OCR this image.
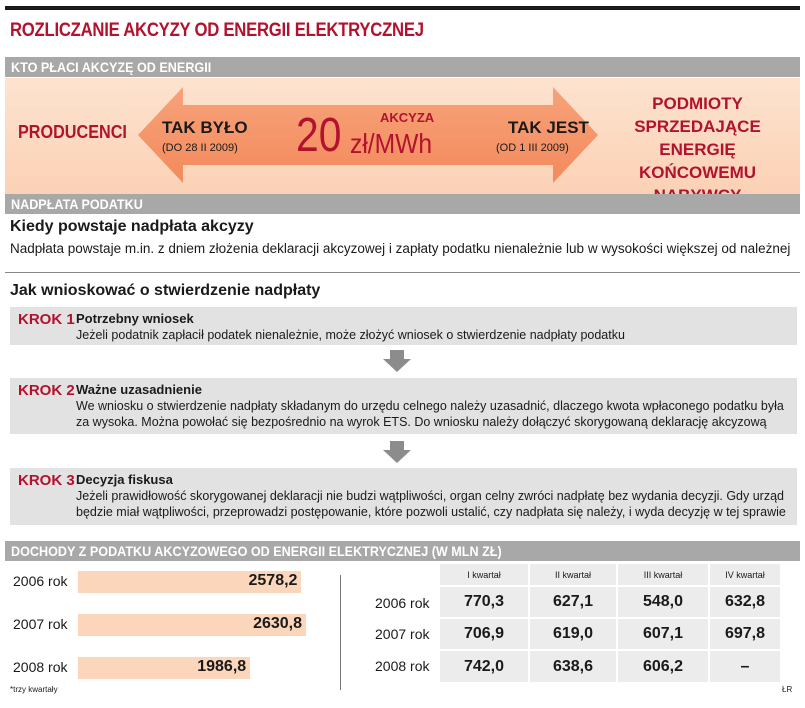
ROZLICZANIE AKCYZY OD ENERGII ELEKTRYCZNEJ
KTO PŁACI AKCYZĘ OD ENERGII
PRODUCENCI
PODMIOTY
SPRZEDAJĄCE ENERGIĘ
KOŃCOWEMU
TAK BYŁO
(DO 28 II 2009)
TAK JEST
(OD 1 III 2009)
20	AKCYZA
zł/MWh
NADPŁATA PODATKU
Kiedy powstaje nadpłata akcyzy
Nadpłata powstaje m.in. z dniem złożenia deklaracji akcyzowej i zapłaty podatku nienależnie lub w wysokości większej od należnej
Jak wnioskować o stwierdzenie nadpłaty
KROK 1 Potrzebny wniosek
Jeżeli podatnik zapłacił podatek nienależnie, może złożyć wniosek o stwierdzenie nadpłaty podatku
KROK 2 Ważne uzasadnienie
We wniosku o stwierdzenie nadpłaty składanym do urzędu celnego należy uzasadnić, dlaczego kwota wpłaconego podatku była za wysoka. Można powołać się bezpośrednio na wyrok ETS. Do wniosku należy dołączyć skorygowaną deklarację akcyzową
KROK 3 Decyzja fiskusa
Jeżeli prawidłowość skorygowanej deklaracji nie budzi wątpliwości, organ celny zwróci nadpłatę bez wydania decyzji. Gdy urząd będzie miał wątpliwości, przeprowadzi postępowanie, które pozwoli ustalić, czy nadpłata się należy, i wyda decyzję w tej sprawie
DOCHODY Z PODATKU AKCYZOWEGO OD ENERGII ELEKTRYCZNEJ (W MLN ZŁ)
2006 rok	2578,2
2007 rok	2630,8
2008 rok	1986,8
	I kwartał	II kwartał	III kwartał	IV kwartał
2006 rok	770,3	627,1	548,0	632,8
2007 rok	706,9	619,0	607,1	697,8
2008 rok	742,0	638,6	606,2	–
*trzy kwartały	ŁR
